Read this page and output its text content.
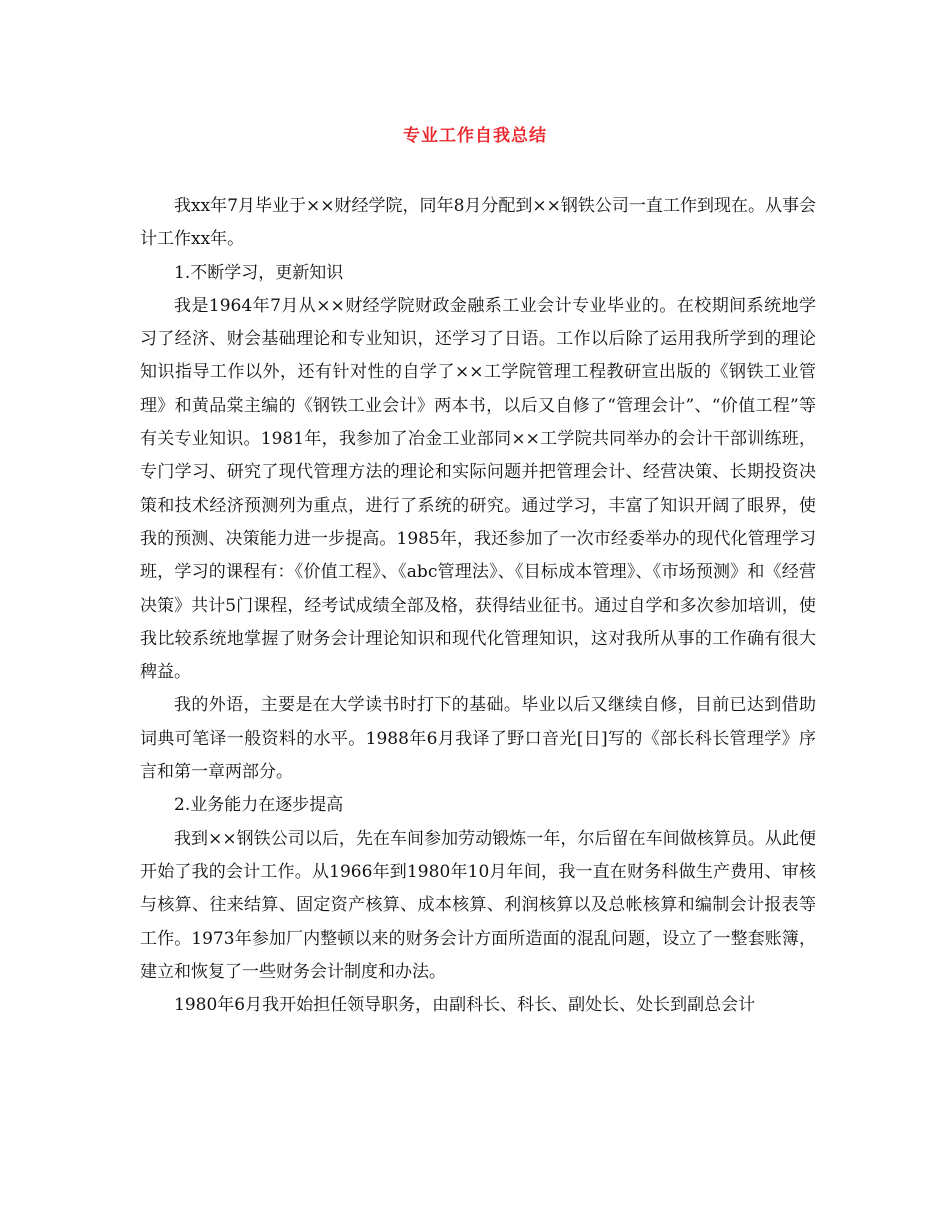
专业工作自我总结

我xx年7月毕业于××财经学院，同年8月分配到××钢铁公司一直工作到现在。从事会计工作xx年。

1.不断学习，更新知识

我是1964年7月从××财经学院财政金融系工业会计专业毕业的。在校期间系统地学习了经济、财会基础理论和专业知识，还学习了日语。工作以后除了运用我所学到的理论知识指导工作以外，还有针对性的自学了××工学院管理工程教研宣出版的《钢铁工业管理》和黄品棠主编的《钢铁工业会计》两本书，以后又自修了“管理会计”、“价值工程”等有关专业知识。1981年，我参加了冶金工业部同××工学院共同举办的会计干部训练班，专门学习、研究了现代管理方法的理论和实际问题并把管理会计、经营决策、长期投资决策和技术经济预测列为重点，进行了系统的研究。通过学习，丰富了知识开阔了眼界，使我的预测、决策能力进一步提高。1985年，我还参加了一次市经委举办的现代化管理学习班，学习的课程有：《价值工程》、《abc管理法》、《目标成本管理》、《市场预测》和《经营决策》共计5门课程，经考试成绩全部及格，获得结业征书。通过自学和多次参加培训，使我比较系统地掌握了财务会计理论知识和现代化管理知识，这对我所从事的工作确有很大稗益。

我的外语，主要是在大学读书时打下的基础。毕业以后又继续自修，目前已达到借助词典可笔译一般资料的水平。1988年6月我译了野口音光[日]写的《部长科长管理学》序言和第一章两部分。

2.业务能力在逐步提高

我到××钢铁公司以后，先在车间参加劳动锻炼一年，尔后留在车间做核算员。从此便开始了我的会计工作。从1966年到1980年10月年间，我一直在财务科做生产费用、审核与核算、往来结算、固定资产核算、成本核算、利润核算以及总帐核算和编制会计报表等工作。1973年参加厂内整顿以来的财务会计方面所造面的混乱问题，设立了一整套账簿，建立和恢复了一些财务会计制度和办法。

1980年6月我开始担任领导职务，由副科长、科长、副处长、处长到副总会计
